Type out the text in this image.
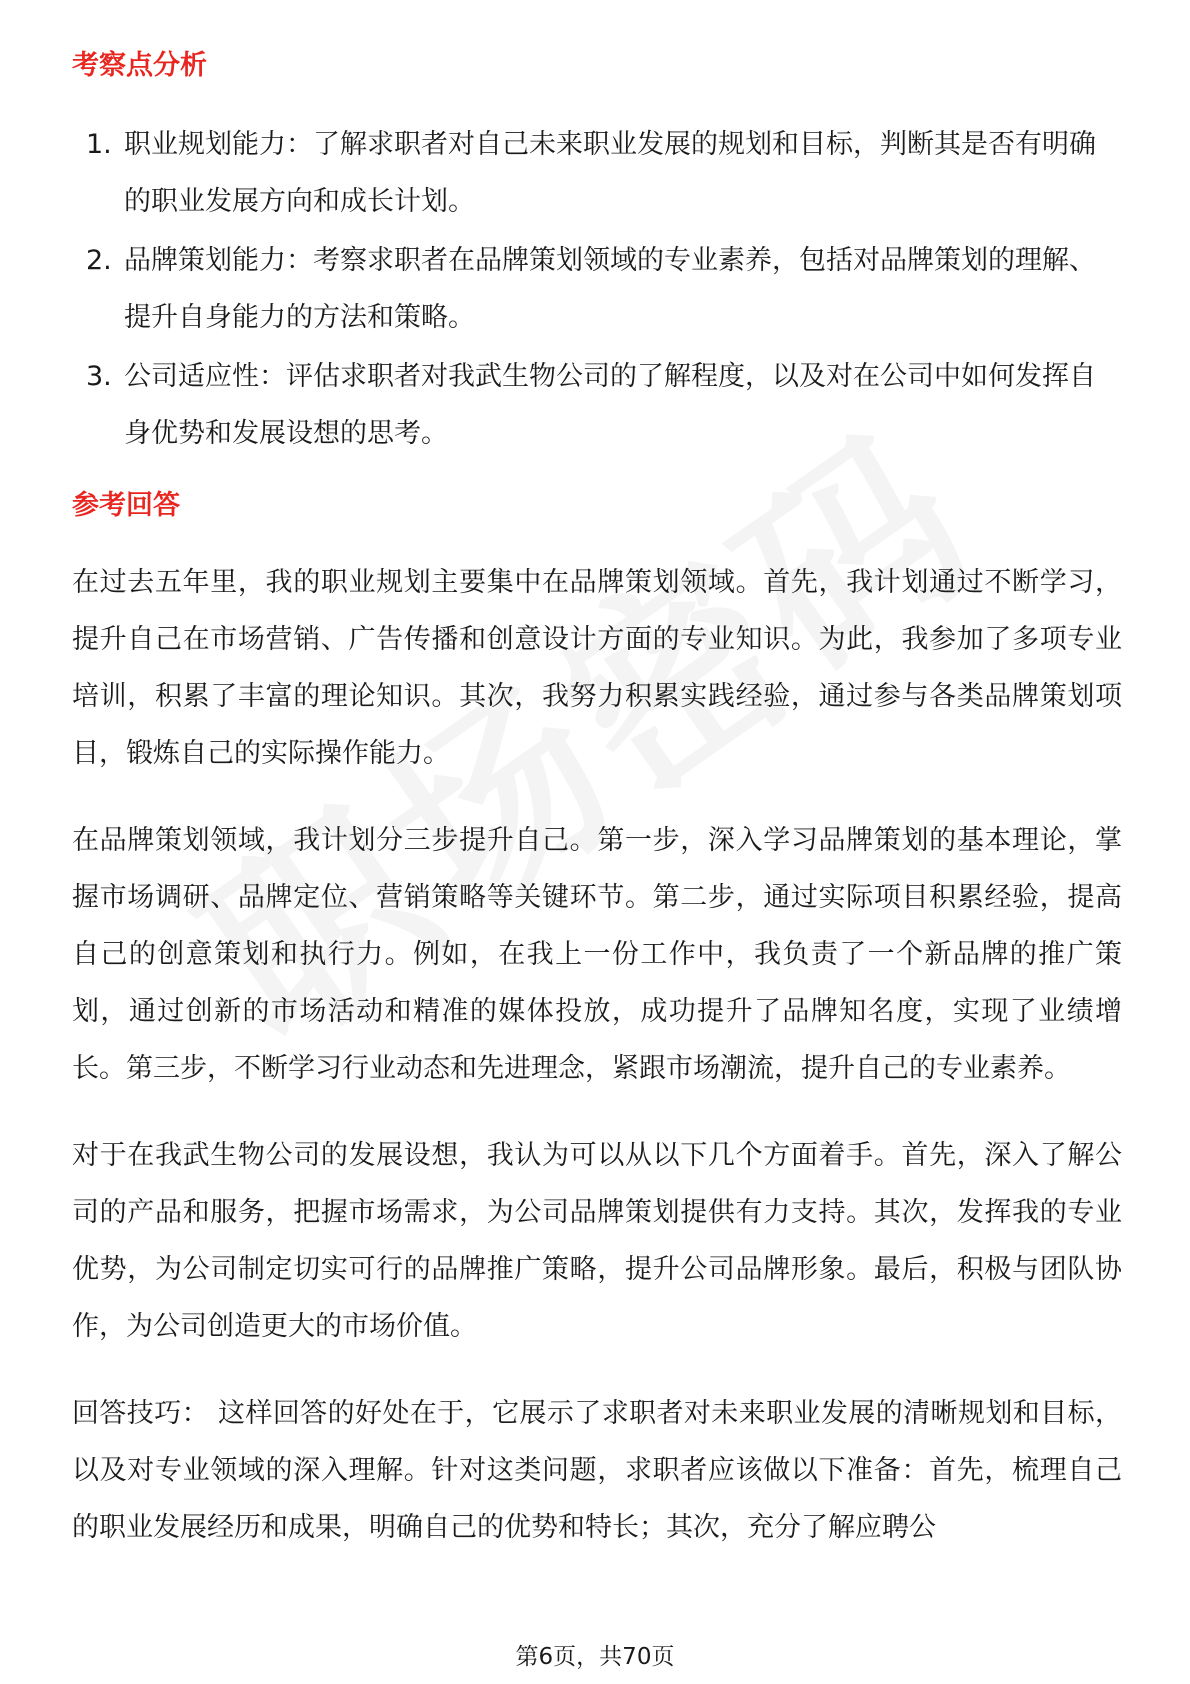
考察点分析
1. 职业规划能力：了解求职者对自己未来职业发展的规划和目标，判断其是否有明确的职业发展方向和成长计划。
2. 品牌策划能力：考察求职者在品牌策划领域的专业素养，包括对品牌策划的理解、提升自身能力的方法和策略。
3. 公司适应性：评估求职者对我武生物公司的了解程度，以及对在公司中如何发挥自身优势和发展设想的思考。
参考回答

在过去五年里，我的职业规划主要集中在品牌策划领域。首先，我计划通过不断学习，提升自己在市场营销、广告传播和创意设计方面的专业知识。为此，我参加了多项专业培训，积累了丰富的理论知识。其次，我努力积累实践经验，通过参与各类品牌策划项目，锻炼自己的实际操作能力。

在品牌策划领域，我计划分三步提升自己。第一步，深入学习品牌策划的基本理论，掌握市场调研、品牌定位、营销策略等关键环节。第二步，通过实际项目积累经验，提高自己的创意策划和执行力。例如，在我上一份工作中，我负责了一个新品牌的推广策划，通过创新的市场活动和精准的媒体投放，成功提升了品牌知名度，实现了业绩增长。第三步，不断学习行业动态和先进理念，紧跟市场潮流，提升自己的专业素养。

对于在我武生物公司的发展设想，我认为可以从以下几个方面着手。首先，深入了解公司的产品和服务，把握市场需求，为公司品牌策划提供有力支持。其次，发挥我的专业优势，为公司制定切实可行的品牌推广策略，提升公司品牌形象。最后，积极与团队协作，为公司创造更大的市场价值。

回答技巧： 这样回答的好处在于，它展示了求职者对未来职业发展的清晰规划和目标，以及对专业领域的深入理解。针对这类问题，求职者应该做以下准备：首先，梳理自己的职业发展经历和成果，明确自己的优势和特长；其次，充分了解应聘公

第6页，共70页
